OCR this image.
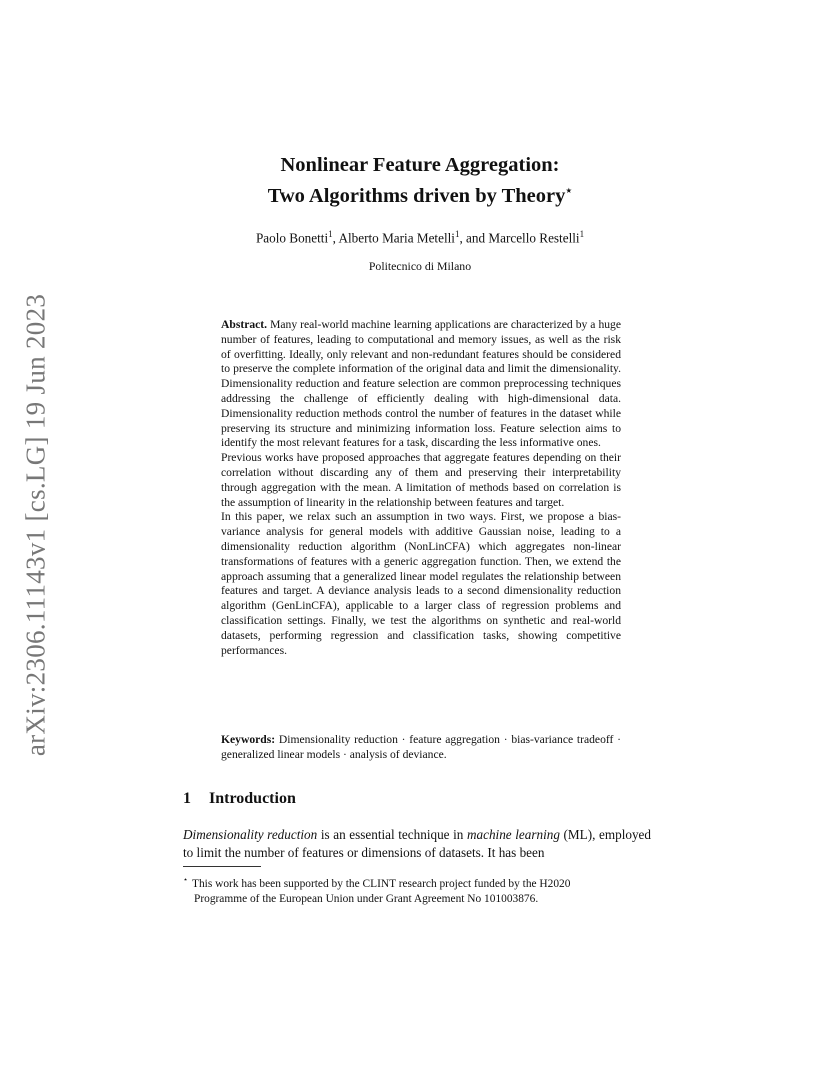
arXiv:2306.11143v1 [cs.LG] 19 Jun 2023
Nonlinear Feature Aggregation:
Two Algorithms driven by Theory⋆
Paolo Bonetti$^1$, Alberto Maria Metelli$^1$, and Marcello Restelli$^1$
Politecnico di Milano

Abstract. Many real-world machine learning applications are characterized by a huge number of features, leading to computational and memory issues, as well as the risk of overfitting. Ideally, only relevant and non-redundant features should be considered to preserve the complete information of the original data and limit the dimensionality. Dimensionality reduction and feature selection are common preprocessing techniques addressing the challenge of efficiently dealing with high-dimensional data. Dimensionality reduction methods control the number of features in the dataset while preserving its structure and minimizing information loss. Feature selection aims to identify the most relevant features for a task, discarding the less informative ones.

Previous works have proposed approaches that aggregate features depending on their correlation without discarding any of them and preserving their interpretability through aggregation with the mean. A limitation of methods based on correlation is the assumption of linearity in the relationship between features and target.

In this paper, we relax such an assumption in two ways. First, we propose a bias-variance analysis for general models with additive Gaussian noise, leading to a dimensionality reduction algorithm (NonLinCFA) which aggregates non-linear transformations of features with a generic aggregation function. Then, we extend the approach assuming that a generalized linear model regulates the relationship between features and target. A deviance analysis leads to a second dimensionality reduction algorithm (GenLinCFA), applicable to a larger class of regression problems and classification settings. Finally, we test the algorithms on synthetic and real-world datasets, performing regression and classification tasks, showing competitive performances.

Keywords: Dimensionality reduction · feature aggregation · bias-variance tradeoff · generalized linear models · analysis of deviance.
1 Introduction
Dimensionality reduction is an essential technique in machine learning (ML), employed to limit the number of features or dimensions of datasets. It has been
⋆ This work has been supported by the CLINT research project funded by the H2020
Programme of the European Union under Grant Agreement No 101003876.
